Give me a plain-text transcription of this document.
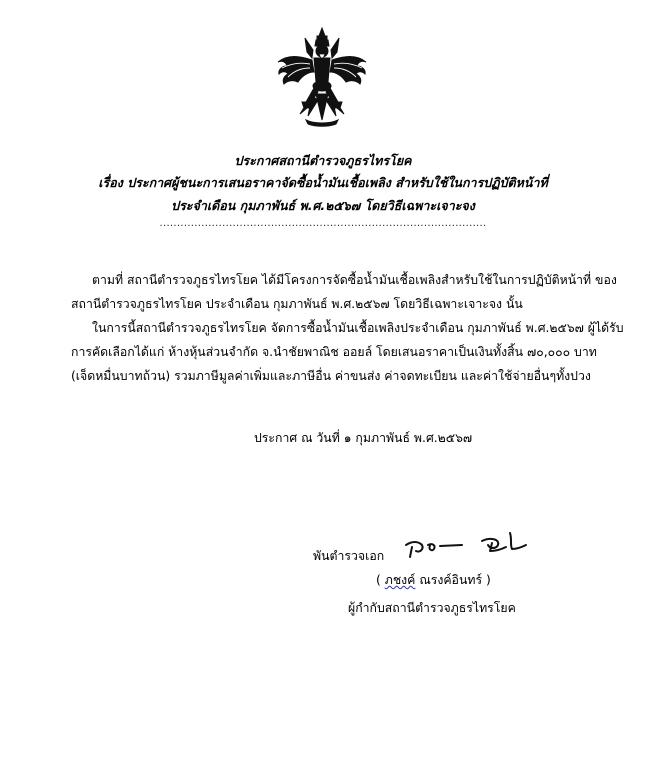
ประกาศสถานีตำรวจภูธรไทรโยค
เรื่อง ประกาศผู้ชนะการเสนอราคาจัดซื้อน้ำมันเชื้อเพลิง สำหรับใช้ในการปฏิบัติหน้าที่
ประจำเดือน กุมภาพันธ์ พ.ศ.๒๕๖๗ โดยวิธีเฉพาะเจาะจง
..............................................................................................
ตามที่ สถานีตำรวจภูธรไทรโยค ได้มีโครงการจัดซื้อน้ำมันเชื้อเพลิงสำหรับใช้ในการปฏิบัติหน้าที่ ของ
สถานีตำรวจภูธรไทรโยค ประจำเดือน กุมภาพันธ์ พ.ศ.๒๕๖๗ โดยวิธีเฉพาะเจาะจง นั้น
ในการนี้สถานีตำรวจภูธรไทรโยค จัดการซื้อน้ำมันเชื้อเพลิงประจำเดือน กุมภาพันธ์ พ.ศ.๒๕๖๗ ผู้ได้รับ
การคัดเลือกได้แก่ ห้างหุ้นส่วนจำกัด จ.นำชัยพาณิช ออยล์ โดยเสนอราคาเป็นเงินทั้งสิ้น ๗๐,๐๐๐ บาท
(เจ็ดหมื่นบาทถ้วน) รวมภาษีมูลค่าเพิ่มและภาษีอื่น ค่าขนส่ง ค่าจดทะเบียน และค่าใช้จ่ายอื่นๆทั้งปวง
ประกาศ ณ วันที่ ๑ กุมภาพันธ์ พ.ศ.๒๕๖๗
พันตำรวจเอก
( ภชงค์ ณรงค์อินทร์ )
ผู้กำกับสถานีตำรวจภูธรไทรโยค
